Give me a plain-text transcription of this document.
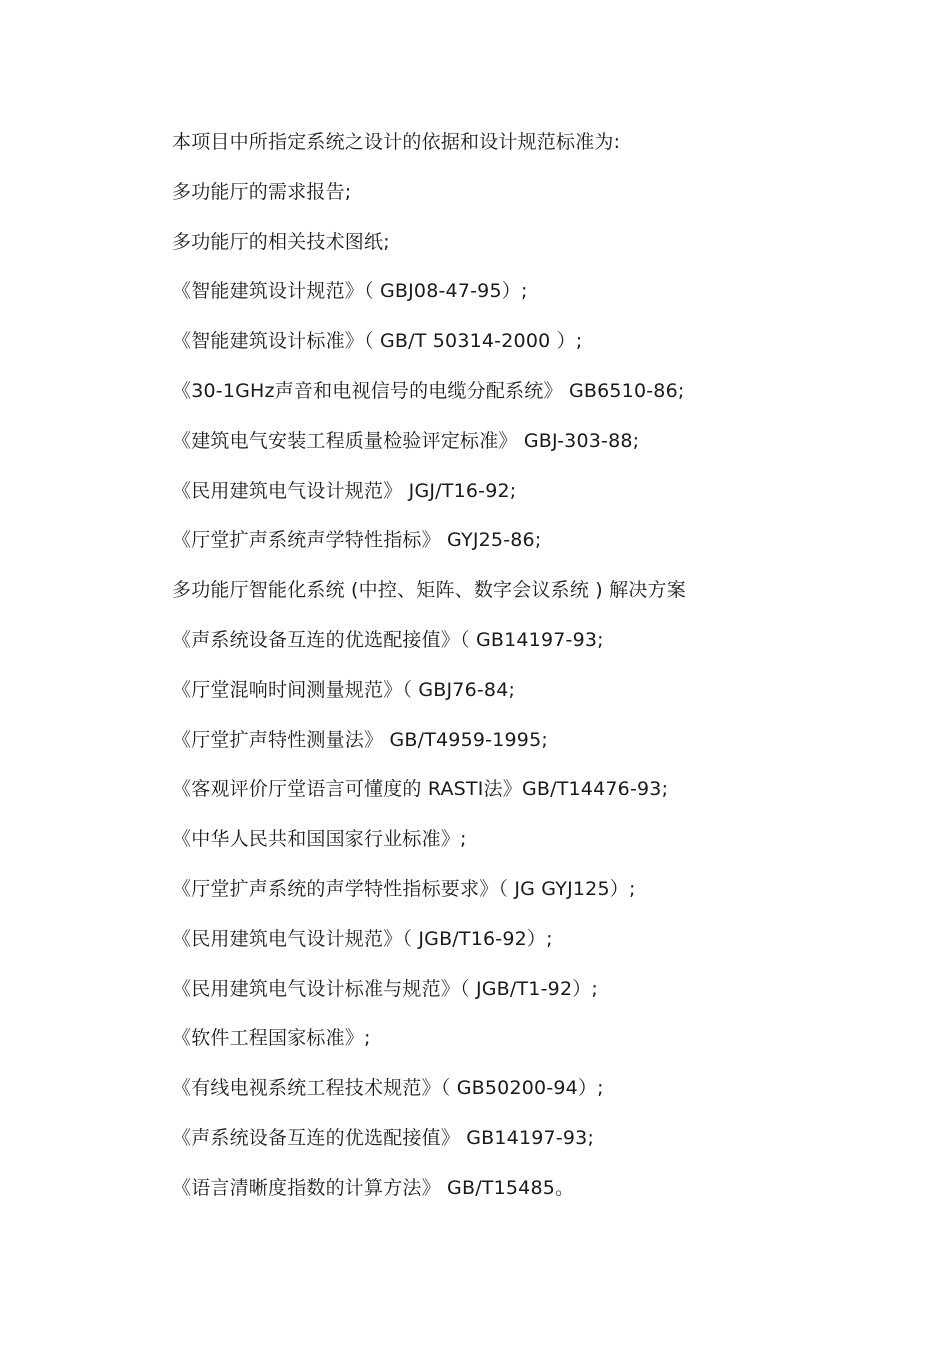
本项目中所指定系统之设计的依据和设计规范标准为:
多功能厅的需求报告;
多功能厅的相关技术图纸;
《智能建筑设计规范》（ GBJ08-47-95）;
《智能建筑设计标准》（ GB/T 50314-2000 ）;
《30-1GHz声音和电视信号的电缆分配系统》 GB6510-86;
《建筑电气安装工程质量检验评定标准》 GBJ-303-88;
《民用建筑电气设计规范》 JGJ/T16-92;
《厅堂扩声系统声学特性指标》 GYJ25-86;
多功能厅智能化系统 (中控、矩阵、数字会议系统 ) 解决方案
《声系统设备互连的优选配接值》（ GB14197-93;
《厅堂混响时间测量规范》（ GBJ76-84;
《厅堂扩声特性测量法》 GB/T4959-1995;
《客观评价厅堂语言可懂度的 RASTI法》GB/T14476-93;
《中华人民共和国国家行业标准》;
《厅堂扩声系统的声学特性指标要求》（ JG GYJ125）;
《民用建筑电气设计规范》（ JGB/T16-92）;
《民用建筑电气设计标准与规范》（ JGB/T1-92）;
《软件工程国家标准》;
《有线电视系统工程技术规范》（ GB50200-94）;
《声系统设备互连的优选配接值》 GB14197-93;
《语言清晰度指数的计算方法》 GB/T15485。
